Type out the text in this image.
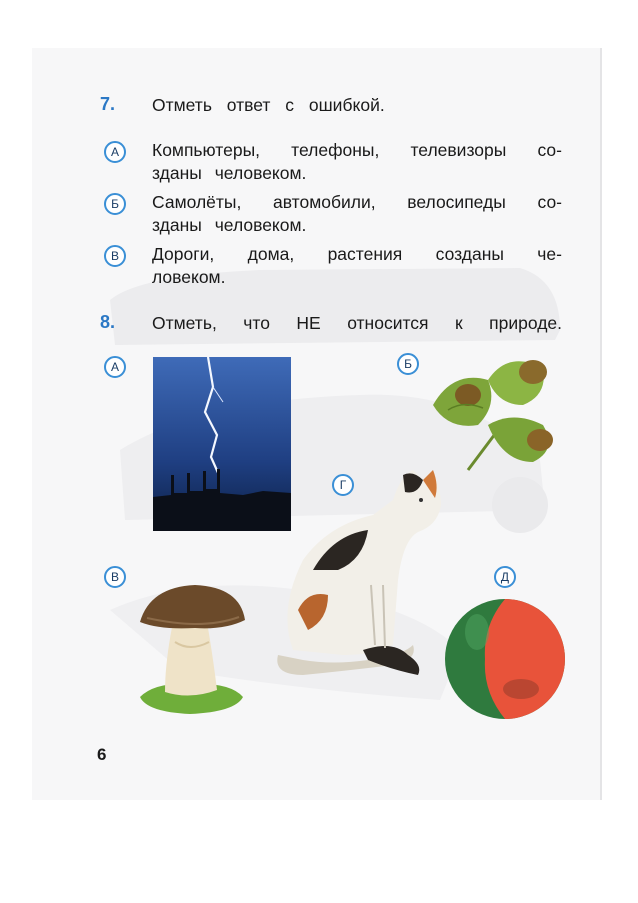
7. Отметь ответ с ошибкой.
А	Компьютеры, телефоны, телевизоры со-
зданы человеком.
Б	Самолёты, автомобили, велосипеды со-
зданы человеком.
В	Дороги, дома, растения созданы че-
ловеком.
8. Отметь, что НЕ относится к природе.
А	Б
Г
В	Д
6
